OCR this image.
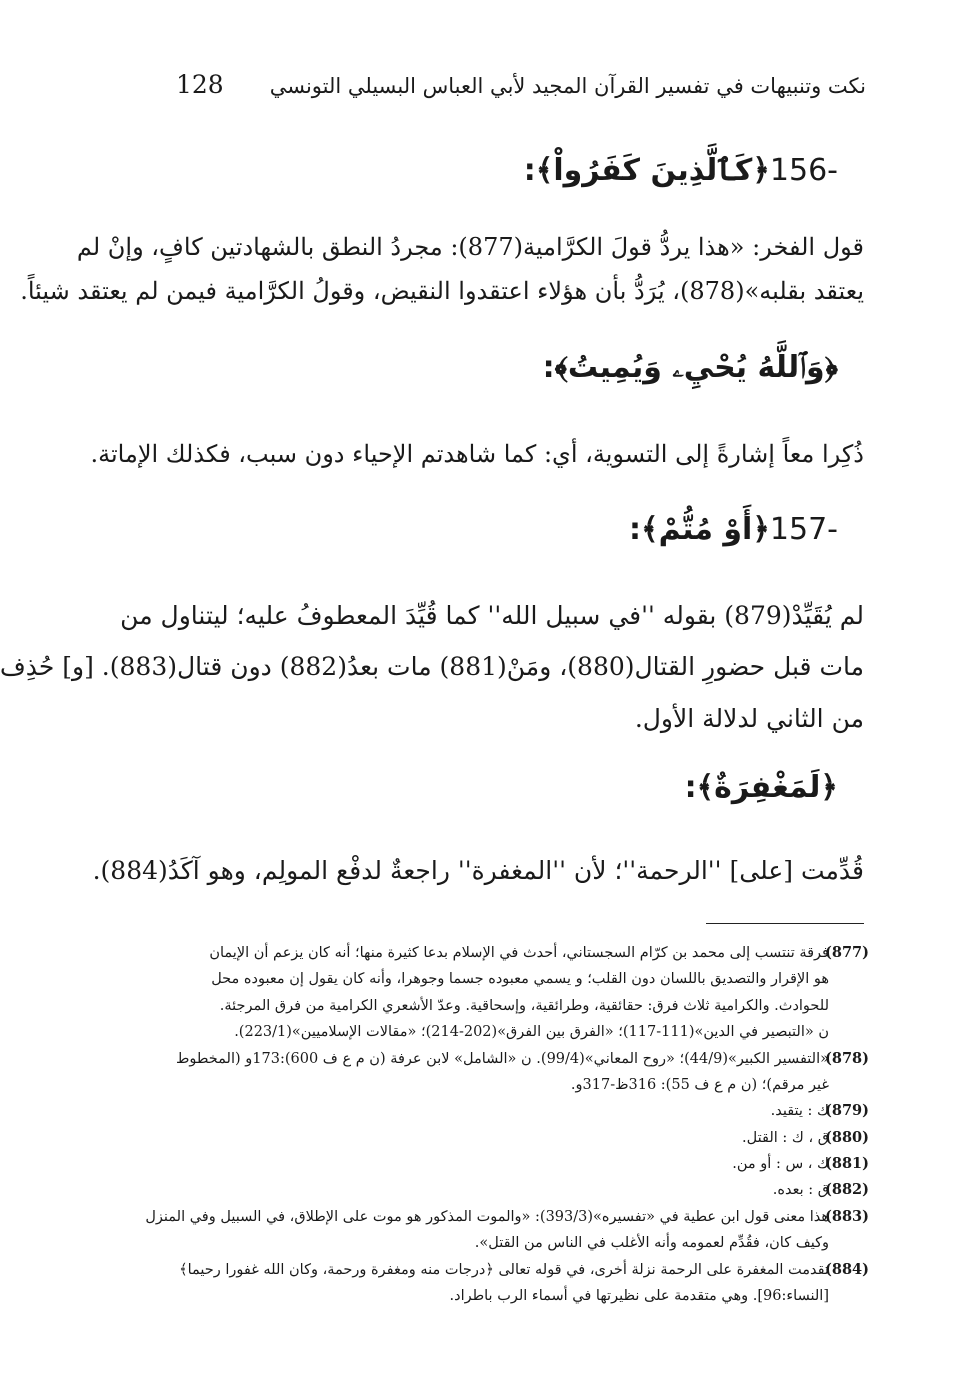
128 نكت وتنبيهات في تفسير القرآن المجيد لأبي العباس البسيلي التونسي
156-﴿كَٱلَّذِينَ كَفَرُواْ﴾:
قول الفخر: «هذا يردُّ قولَ الكرَّامية(877): مجردُ النطق بالشهادتين كافٍ، وإنْ لم
يعتقد بقلبه»(878)، يُرَدُّ بأن هؤلاء اعتقدوا النقيض، وقولُ الكرَّامية فيمن لم يعتقد شيئاً.
﴿وَٱللَّهُ يُحْيِۦ وَيُمِيتُ﴾:
ذُكِرا معاً إشارةً إلى التسوية، أي: كما شاهدتم الإحياء دون سبب، فكذلك الإماتة.
157-﴿أَوْ مُتُّمْ﴾:
لم يُقَيِّدْ(879) بقوله ''في سبيل الله'' كما قُيِّدَ المعطوفُ عليه؛ ليتناول من
مات قبل حضورِ القتال(880)، ومَنْ(881) مات بعدُ(882) دون قتال(883). [و] حُذِف
من الثاني لدلالة الأول.
﴿لَمَغْفِرَةٌ﴾:
قُدِّمت [على] ''الرحمة''؛ لأن ''المغفرة'' راجعةٌ لدفْع المولِم، وهو آكَدُ(884).
(877)
فرقة تنتسب إلى محمد بن كرّام السجستاني، أحدث في الإسلام بدعا كثيرة منها؛ أنه كان يزعم أن الإيمان
هو الإقرار والتصديق باللسان دون القلب؛ و يسمي معبوده جسما وجوهرا، وأنه كان يقول إن معبوده محل
للحوادث. والكرامية ثلاث فرق: حقائقية، وطرائقية، وإسحاقية. وعدّ الأشعري الكرامية من فرق المرجئة.
ن «التبصير في الدين»(111-117)؛ «الفرق بين الفرق»(202-214)؛ «مقالات الإسلاميين»(223/1).
(878)
«التفسير الكبير»(44/9)؛ «روح المعاني»(99/4). ن «الشامل» لابن عرفة (ن م ع ف 600):173و (المخطوط
غير مرقم)؛ (ن م ع ف 55): 316ظ-317و.
(879)
ك : يتقيد.
(880)
ق ، ك : القتل.
(881)
ك ، س : أو من.
(882)
ق : بعده.
(883)
هذا معنى قول ابن عطية في «تفسيره»(393/3): «والموت المذكور هو موت على الإطلاق، في السبيل وفي المنزل
وكيف كان، فقُدِّم لعمومه وأنه الأغلب في الناس من القتل».
(884)
تقدمت المغفرة على الرحمة نزلة أخرى، في قوله تعالى ﴿درجات منه ومغفرة ورحمة، وكان الله غفورا رحيما﴾
[النساء:96]. وهي متقدمة على نظيرتها في أسماء الرب باطراد.
